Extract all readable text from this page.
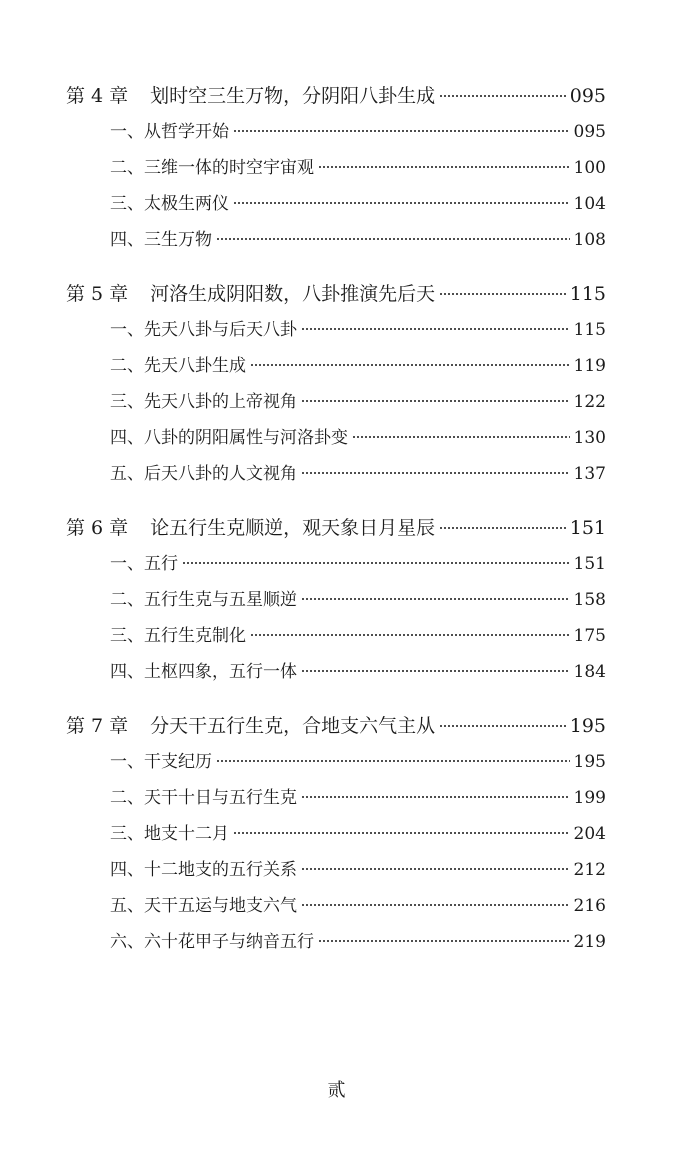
第 4 章 划时空三生万物，分阴阳八卦生成	095
一、从哲学开始	095
二、三维一体的时空宇宙观	100
三、太极生两仪	104
四、三生万物	108
第 5 章 河洛生成阴阳数，八卦推演先后天	115
一、先天八卦与后天八卦	115
二、先天八卦生成	119
三、先天八卦的上帝视角	122
四、八卦的阴阳属性与河洛卦变	130
五、后天八卦的人文视角	137
第 6 章 论五行生克顺逆，观天象日月星辰	151
一、五行	151
二、五行生克与五星顺逆	158
三、五行生克制化	175
四、土枢四象，五行一体	184
第 7 章 分天干五行生克，合地支六气主从	195
一、干支纪历	195
二、天干十日与五行生克	199
三、地支十二月	204
四、十二地支的五行关系	212
五、天干五运与地支六气	216
六、六十花甲子与纳音五行	219
贰
